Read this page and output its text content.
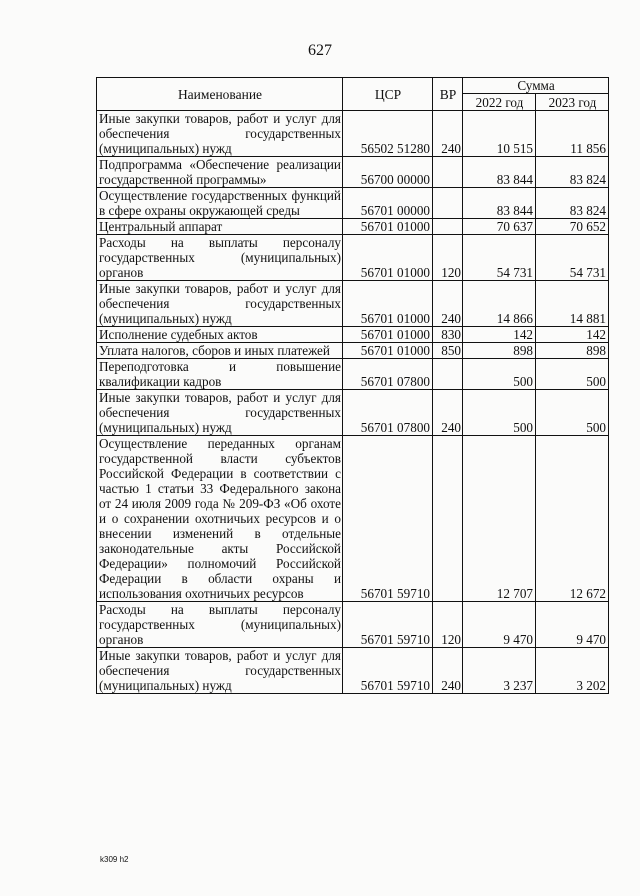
627
Наименование	ЦСР	ВР	Сумма	
			2022 год	2023 год
Иные закупки товаров, работ и услуг для обеспечения государственных (муниципальных) нужд	56502 51280	240	10 515	11 856
Подпрограмма «Обеспечение реализации государственной программы»	56700 00000		83 844	83 824
Осуществление государственных функций в сфере охраны окружающей среды	56701 00000		83 844	83 824
Центральный аппарат	56701 01000		70 637	70 652
Расходы на выплаты персоналу государственных (муниципальных) органов	56701 01000	120	54 731	54 731
Иные закупки товаров, работ и услуг для обеспечения государственных (муниципальных) нужд	56701 01000	240	14 866	14 881
Исполнение судебных актов	56701 01000	830	142	142
Уплата налогов, сборов и иных платежей	56701 01000	850	898	898
Переподготовка и повышение квалификации кадров	56701 07800		500	500
Иные закупки товаров, работ и услуг для обеспечения государственных (муниципальных) нужд	56701 07800	240	500	500
Осуществление переданных органам государственной власти субъектов Российской Федерации в соответствии с частью 1 статьи 33 Федерального закона от 24 июля 2009 года № 209-ФЗ «Об охоте и о сохранении охотничьих ресурсов и о внесении изменений в отдельные законодательные акты Российской Федерации» полномочий Российской Федерации в области охраны и использования охотничьих ресурсов	56701 59710		12 707	12 672
Расходы на выплаты персоналу государственных (муниципальных) органов	56701 59710	120	9 470	9 470
Иные закупки товаров, работ и услуг для обеспечения государственных (муниципальных) нужд	56701 59710	240	3 237	3 202
k309 h2
